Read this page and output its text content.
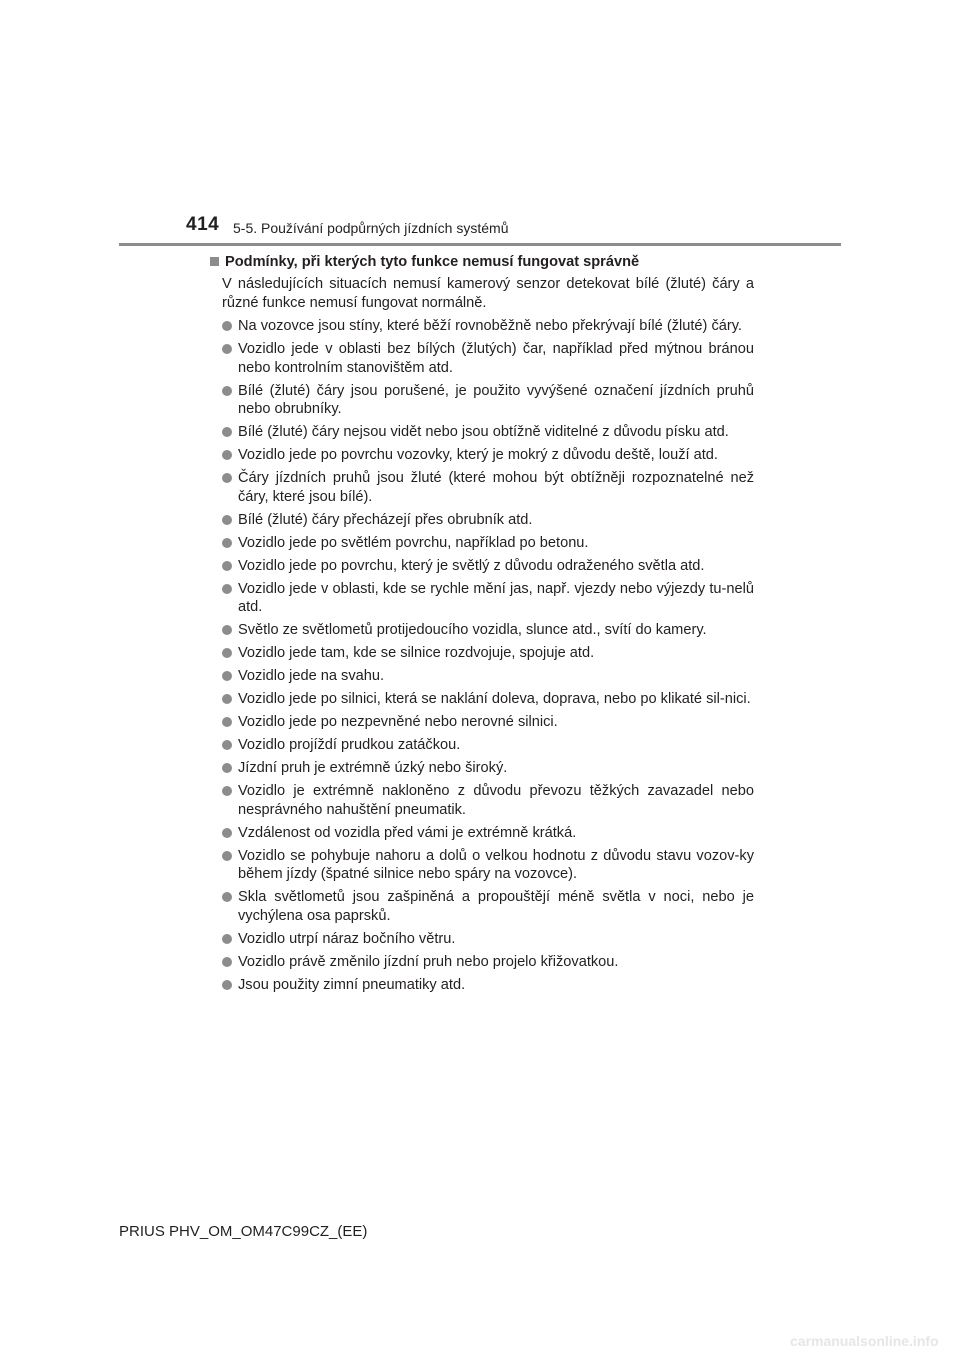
414 5-5. Používání podpůrných jízdních systémů
Podmínky, při kterých tyto funkce nemusí fungovat správně
V následujících situacích nemusí kamerový senzor detekovat bílé (žluté) čáry a různé funkce nemusí fungovat normálně.
Na vozovce jsou stíny, které běží rovnoběžně nebo překrývají bílé (žluté) čáry.
Vozidlo jede v oblasti bez bílých (žlutých) čar, například před mýtnou bránou nebo kontrolním stanovištěm atd.
Bílé (žluté) čáry jsou porušené, je použito vyvýšené označení jízdních pruhů nebo obrubníky.
Bílé (žluté) čáry nejsou vidět nebo jsou obtížně viditelné z důvodu písku atd.
Vozidlo jede po povrchu vozovky, který je mokrý z důvodu deště, louží atd.
Čáry jízdních pruhů jsou žluté (které mohou být obtížněji rozpoznatelné než čáry, které jsou bílé).
Bílé (žluté) čáry přecházejí přes obrubník atd.
Vozidlo jede po světlém povrchu, například po betonu.
Vozidlo jede po povrchu, který je světlý z důvodu odraženého světla atd.
Vozidlo jede v oblasti, kde se rychle mění jas, např. vjezdy nebo výjezdy tu-nelů atd.
Světlo ze světlometů protijedoucího vozidla, slunce atd., svítí do kamery.
Vozidlo jede tam, kde se silnice rozdvojuje, spojuje atd.
Vozidlo jede na svahu.
Vozidlo jede po silnici, která se naklání doleva, doprava, nebo po klikaté sil-nici.
Vozidlo jede po nezpevněné nebo nerovné silnici.
Vozidlo projíždí prudkou zatáčkou.
Jízdní pruh je extrémně úzký nebo široký.
Vozidlo je extrémně nakloněno z důvodu převozu těžkých zavazadel nebo nesprávného nahuštění pneumatik.
Vzdálenost od vozidla před vámi je extrémně krátká.
Vozidlo se pohybuje nahoru a dolů o velkou hodnotu z důvodu stavu vozov-ky během jízdy (špatné silnice nebo spáry na vozovce).
Skla světlometů jsou zašpiněná a propouštějí méně světla v noci, nebo je vychýlena osa paprsků.
Vozidlo utrpí náraz bočního větru.
Vozidlo právě změnilo jízdní pruh nebo projelo křižovatkou.
Jsou použity zimní pneumatiky atd.
PRIUS PHV_OM_OM47C99CZ_(EE)
carmanualsonline.info
